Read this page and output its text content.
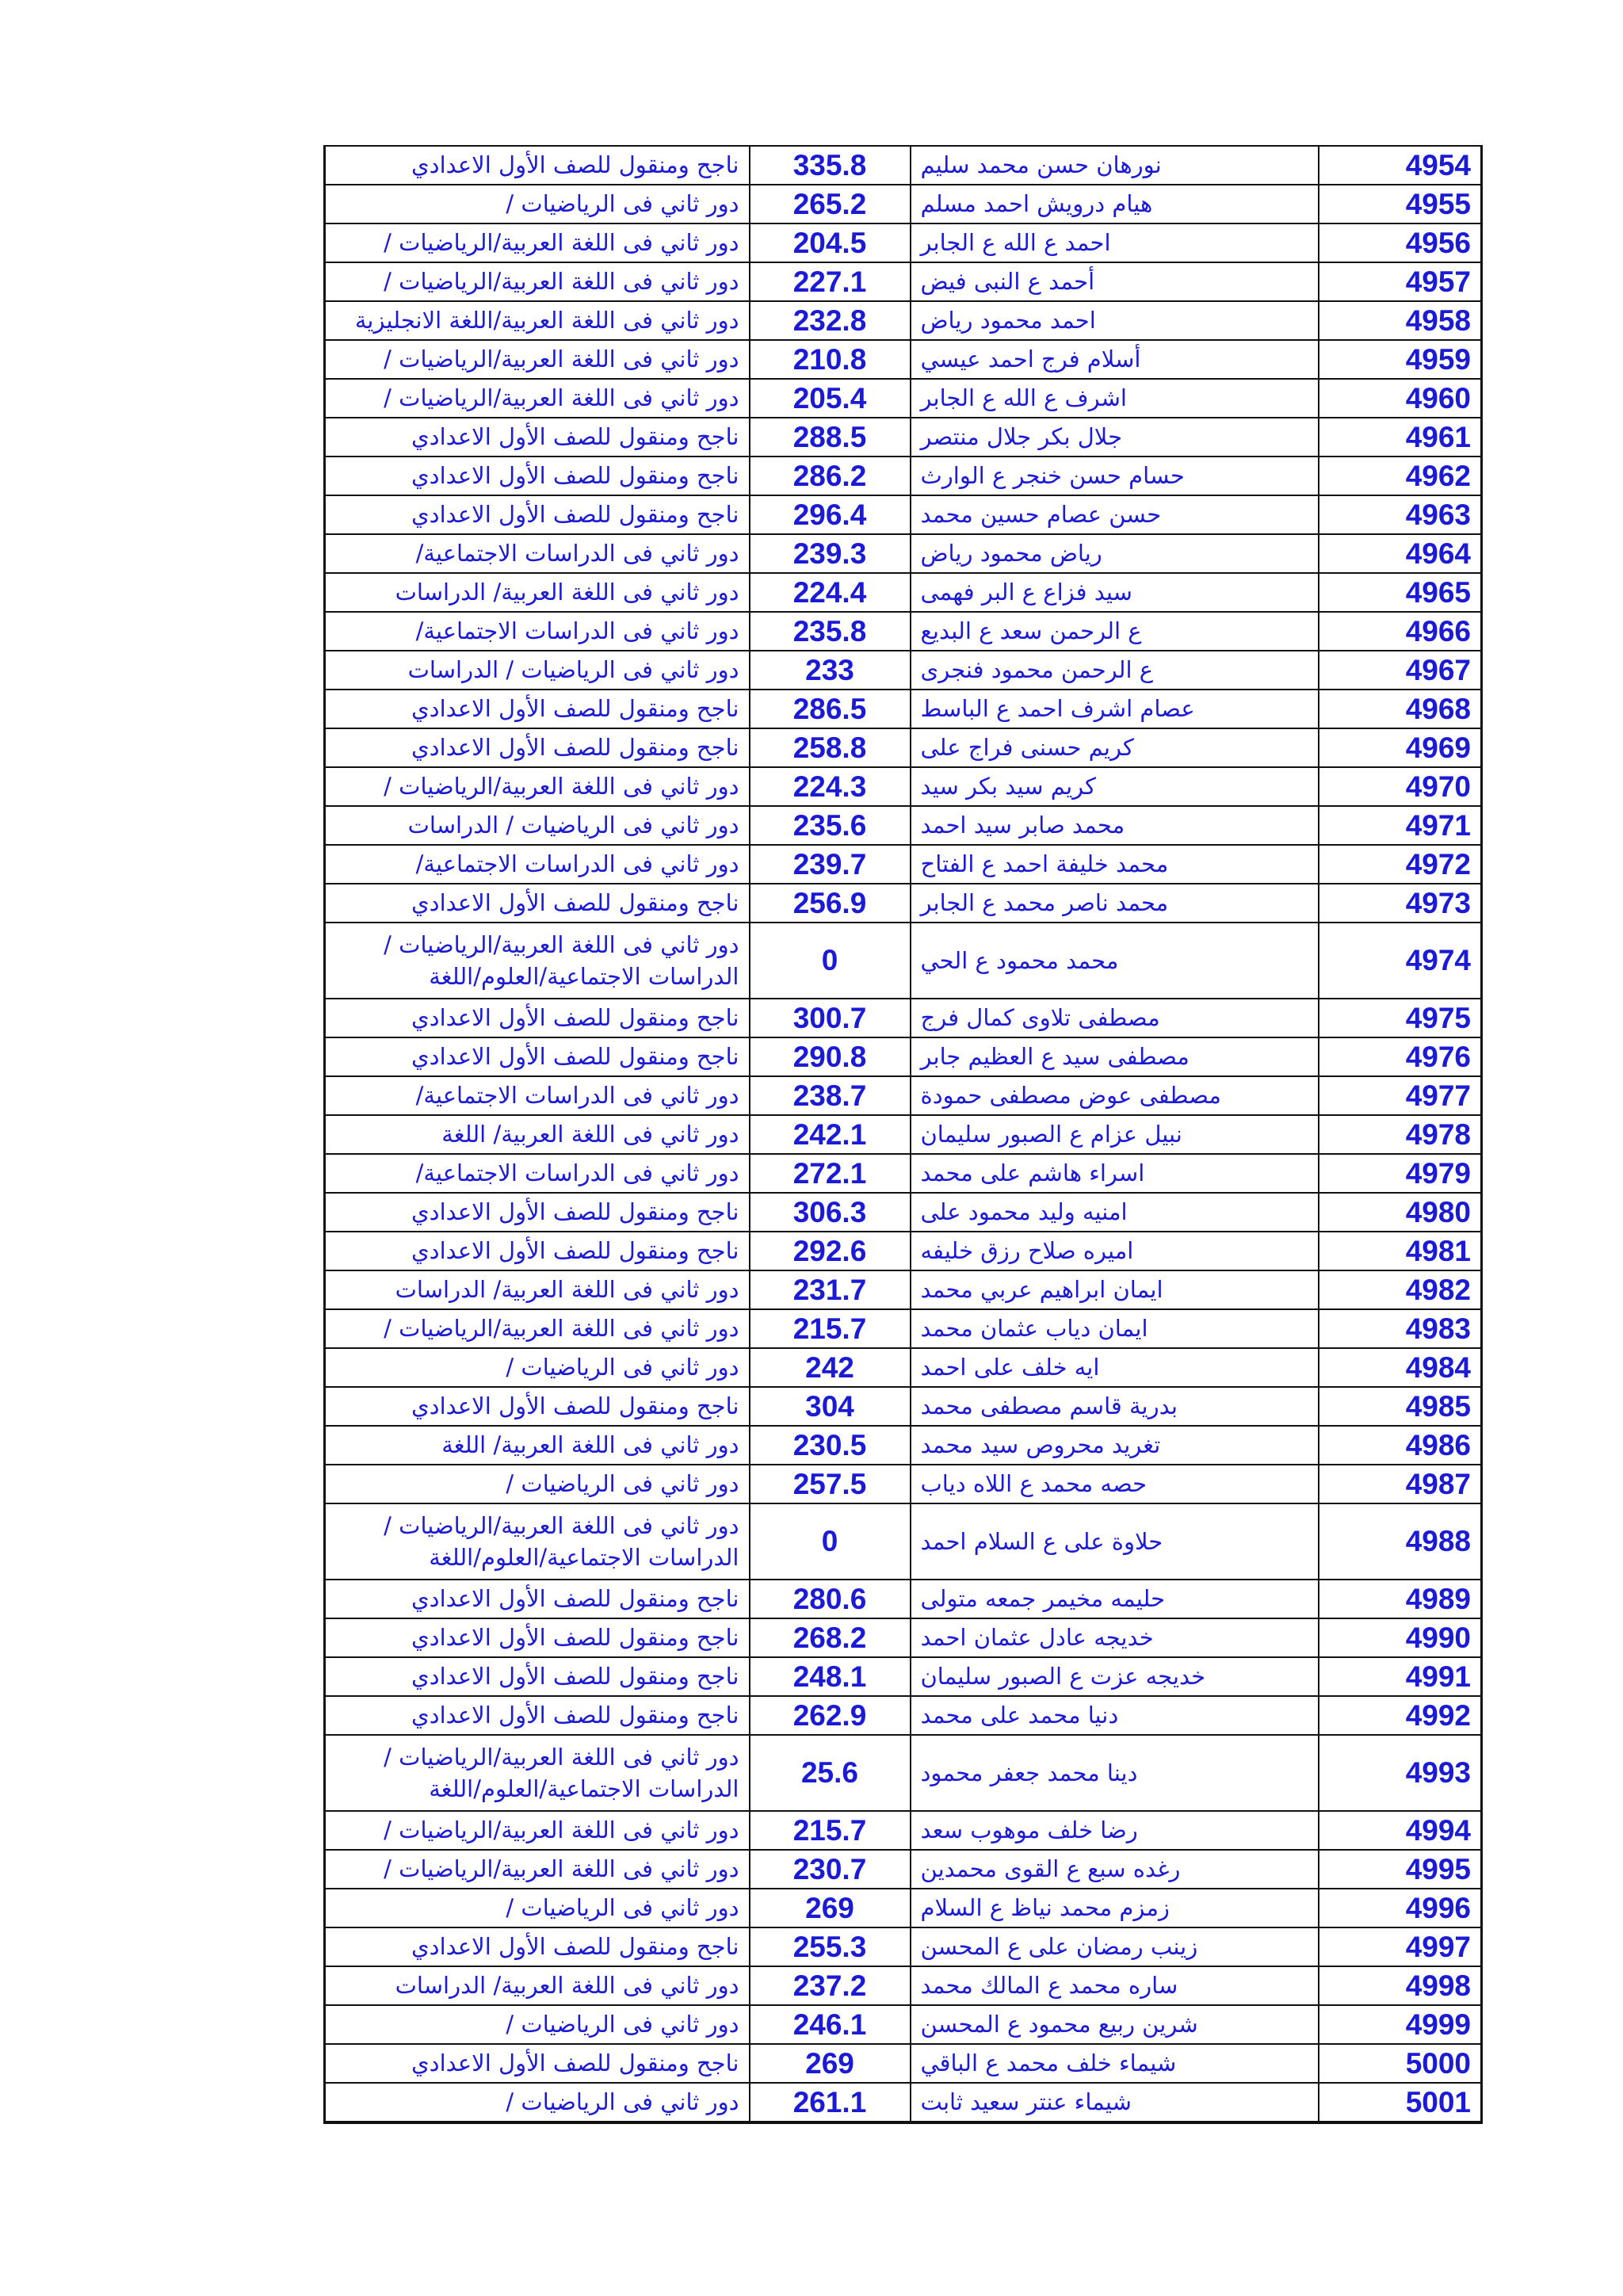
ناجح ومنقول للصف الأول الاعدادي	335.8	نورهان حسن محمد سليم	4954
دور ثاني فى الرياضيات /	265.2	هيام درويش احمد مسلم	4955
دور ثاني فى اللغة العربية/الرياضيات /	204.5	احمد ع الله ع الجابر	4956
دور ثاني فى اللغة العربية/الرياضيات /	227.1	أحمد ع النبى فيض	4957
دور ثاني فى اللغة العربية/اللغة الانجليزية	232.8	احمد محمود رياض	4958
دور ثاني فى اللغة العربية/الرياضيات /	210.8	أسلام فرج احمد عيسي	4959
دور ثاني فى اللغة العربية/الرياضيات /	205.4	اشرف ع الله ع الجابر	4960
ناجح ومنقول للصف الأول الاعدادي	288.5	جلال بكر جلال منتصر	4961
ناجح ومنقول للصف الأول الاعدادي	286.2	حسام حسن خنجر ع الوارث	4962
ناجح ومنقول للصف الأول الاعدادي	296.4	حسن عصام حسين محمد	4963
دور ثاني فى الدراسات الاجتماعية/	239.3	رياض محمود رياض	4964
دور ثاني فى اللغة العربية/ الدراسات	224.4	سيد فزاع ع البر فهمى	4965
دور ثاني فى الدراسات الاجتماعية/	235.8	ع الرحمن سعد ع البديع	4966
دور ثاني فى الرياضيات / الدراسات	233	ع الرحمن محمود فنجرى	4967
ناجح ومنقول للصف الأول الاعدادي	286.5	عصام اشرف احمد ع الباسط	4968
ناجح ومنقول للصف الأول الاعدادي	258.8	كريم حسنى فراج على	4969
دور ثاني فى اللغة العربية/الرياضيات /	224.3	كريم سيد بكر سيد	4970
دور ثاني فى الرياضيات / الدراسات	235.6	محمد صابر سيد احمد	4971
دور ثاني فى الدراسات الاجتماعية/	239.7	محمد خليفة احمد ع الفتاح	4972
ناجح ومنقول للصف الأول الاعدادي	256.9	محمد ناصر محمد ع الجابر	4973
دور ثاني فى اللغة العربية/الرياضيات / الدراسات الاجتماعية/العلوم/اللغة	0	محمد محمود ع الحي	4974
ناجح ومنقول للصف الأول الاعدادي	300.7	مصطفى تلاوى كمال فرج	4975
ناجح ومنقول للصف الأول الاعدادي	290.8	مصطفى سيد ع العظيم جابر	4976
دور ثاني فى الدراسات الاجتماعية/	238.7	مصطفى عوض مصطفى حمودة	4977
دور ثاني فى اللغة العربية/ اللغة	242.1	نبيل عزام ع الصبور سليمان	4978
دور ثاني فى الدراسات الاجتماعية/	272.1	اسراء هاشم على محمد	4979
ناجح ومنقول للصف الأول الاعدادي	306.3	امنيه وليد محمود على	4980
ناجح ومنقول للصف الأول الاعدادي	292.6	اميره صلاح رزق خليفه	4981
دور ثاني فى اللغة العربية/ الدراسات	231.7	ايمان ابراهيم عربي محمد	4982
دور ثاني فى اللغة العربية/الرياضيات /	215.7	ايمان دياب عثمان محمد	4983
دور ثاني فى الرياضيات /	242	ايه خلف على احمد	4984
ناجح ومنقول للصف الأول الاعدادي	304	بدرية قاسم مصطفى محمد	4985
دور ثاني فى اللغة العربية/ اللغة	230.5	تغريد محروص سيد محمد	4986
دور ثاني فى الرياضيات /	257.5	حصه محمد ع اللاه دياب	4987
دور ثاني فى اللغة العربية/الرياضيات / الدراسات الاجتماعية/العلوم/اللغة	0	حلاوة على ع السلام احمد	4988
ناجح ومنقول للصف الأول الاعدادي	280.6	حليمه مخيمر جمعه متولى	4989
ناجح ومنقول للصف الأول الاعدادي	268.2	خديجه عادل عثمان احمد	4990
ناجح ومنقول للصف الأول الاعدادي	248.1	خديجه عزت ع الصبور سليمان	4991
ناجح ومنقول للصف الأول الاعدادي	262.9	دنيا محمد على محمد	4992
دور ثاني فى اللغة العربية/الرياضيات / الدراسات الاجتماعية/العلوم/اللغة	25.6	دينا محمد جعفر محمود	4993
دور ثاني فى اللغة العربية/الرياضيات /	215.7	رضا خلف موهوب سعد	4994
دور ثاني فى اللغة العربية/الرياضيات /	230.7	رغده سبع ع القوى محمدين	4995
دور ثاني فى الرياضيات /	269	زمزم محمد نياظ ع السلام	4996
ناجح ومنقول للصف الأول الاعدادي	255.3	زينب رمضان على ع المحسن	4997
دور ثاني فى اللغة العربية/ الدراسات	237.2	ساره محمد ع المالك محمد	4998
دور ثاني فى الرياضيات /	246.1	شرين ربيع محمود ع المحسن	4999
ناجح ومنقول للصف الأول الاعدادي	269	شيماء خلف محمد ع الباقي	5000
دور ثاني فى الرياضيات /	261.1	شيماء عنتر سعيد ثابت	5001
